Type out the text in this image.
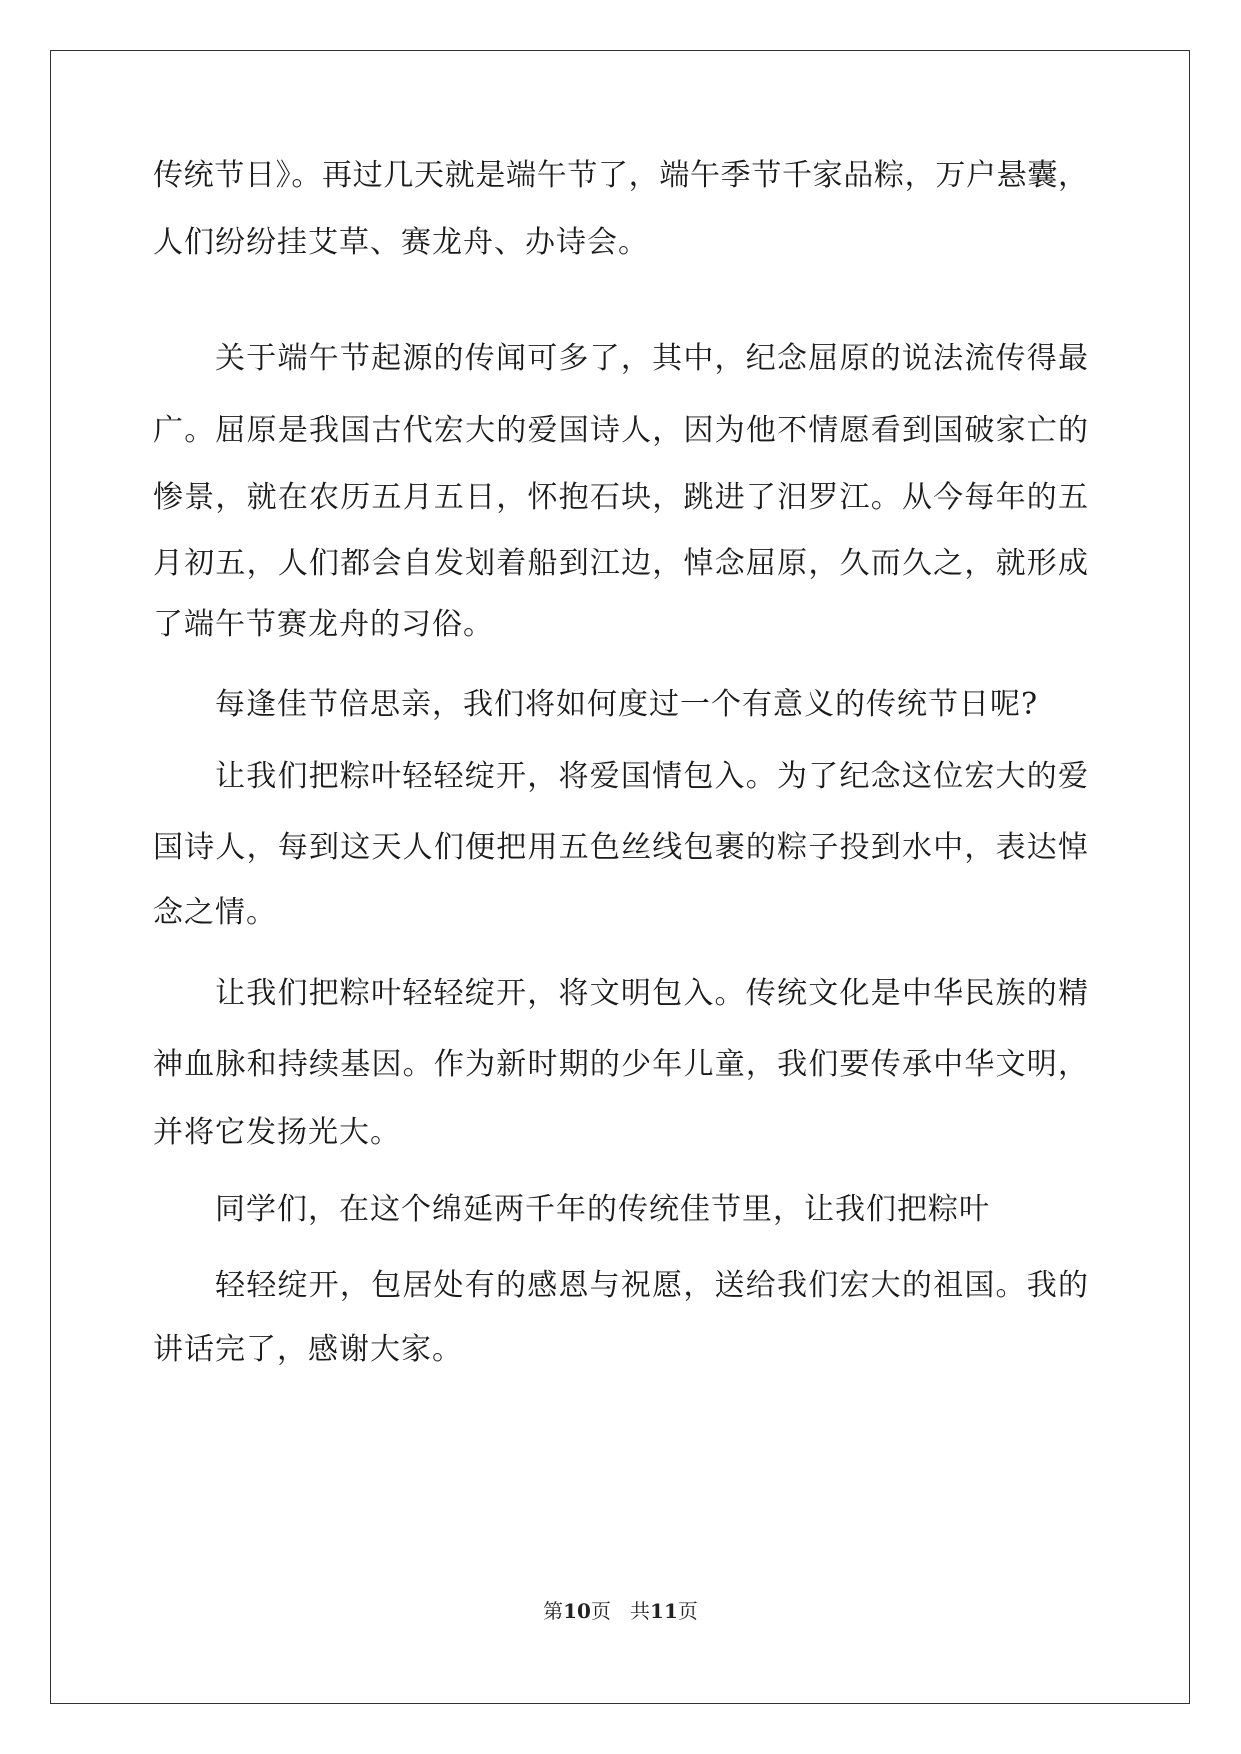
传统节日》。再过几天就是端午节了，端午季节千家品粽，万户悬囊，
人们纷纷挂艾草、赛龙舟、办诗会。
关于端午节起源的传闻可多了，其中，纪念屈原的说法流传得最
广。屈原是我国古代宏大的爱国诗人，因为他不情愿看到国破家亡的
惨景，就在农历五月五日，怀抱石块，跳进了汨罗江。从今每年的五
月初五，人们都会自发划着船到江边，悼念屈原，久而久之，就形成
了端午节赛龙舟的习俗。
每逢佳节倍思亲，我们将如何度过一个有意义的传统节日呢?
让我们把粽叶轻轻绽开，将爱国情包入。为了纪念这位宏大的爱
国诗人，每到这天人们便把用五色丝线包裹的粽子投到水中，表达悼
念之情。
让我们把粽叶轻轻绽开，将文明包入。传统文化是中华民族的精
神血脉和持续基因。作为新时期的少年儿童，我们要传承中华文明，
并将它发扬光大。
同学们，在这个绵延两千年的传统佳节里，让我们把粽叶
轻轻绽开，包居处有的感恩与祝愿，送给我们宏大的祖国。我的
讲话完了，感谢大家。
第10页   共11页
